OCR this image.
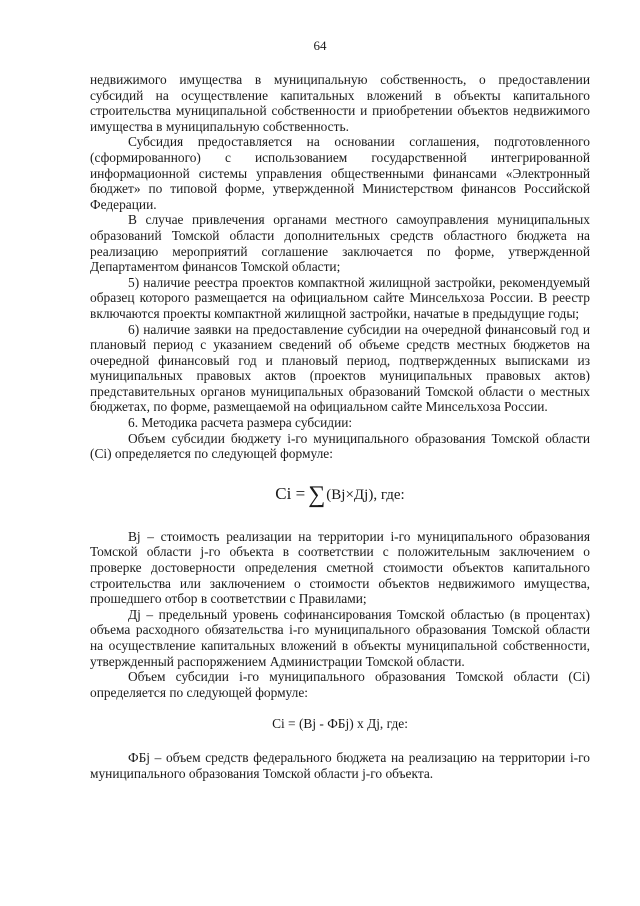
64

недвижимого имущества в муниципальную собственность, о предоставлении субсидий на осуществление капитальных вложений в объекты капитального строительства муниципальной собственности и приобретении объектов недвижимого имущества в муниципальную собственность.

Субсидия предоставляется на основании соглашения, подготовленного (сформированного) с использованием государственной интегрированной информационной системы управления общественными финансами «Электронный бюджет» по типовой форме, утвержденной Министерством финансов Российской Федерации.

В случае привлечения органами местного самоуправления муниципальных образований Томской области дополнительных средств областного бюджета на реализацию мероприятий соглашение заключается по форме, утвержденной Департаментом финансов Томской области;

5) наличие реестра проектов компактной жилищной застройки, рекомендуемый образец которого размещается на официальном сайте Минсельхоза России. В реестр включаются проекты компактной жилищной застройки, начатые в предыдущие годы;

6) наличие заявки на предоставление субсидии на очередной финансовый год и плановый период с указанием сведений об объеме средств местных бюджетов на очередной финансовый год и плановый период, подтвержденных выписками из муниципальных правовых актов (проектов муниципальных правовых актов) представительных органов муниципальных образований Томской области о местных бюджетах, по форме, размещаемой на официальном сайте Минсельхоза России.

6. Методика расчета размера субсидии:

Объем субсидии бюджету i-го муниципального образования Томской области (Ci) определяется по следующей формуле:

Ci = ∑(Bj×Дj), где:

Bj – стоимость реализации на территории i-го муниципального образования Томской области j-го объекта в соответствии с положительным заключением о проверке достоверности определения сметной стоимости объектов капитального строительства или заключением о стоимости объектов недвижимого имущества, прошедшего отбор в соответствии с Правилами;

Дj – предельный уровень софинансирования Томской областью (в процентах) объема расходного обязательства i-го муниципального образования Томской области на осуществление капитальных вложений в объекты муниципальной собственности, утвержденный распоряжением Администрации Томской области.

Объем субсидии i-го муниципального образования Томской области (Ci) определяется по следующей формуле:

Ci = (Bj - ФБj) х Дj, где:

ФБj – объем средств федерального бюджета на реализацию на территории i-го муниципального образования Томской области j-го объекта.
